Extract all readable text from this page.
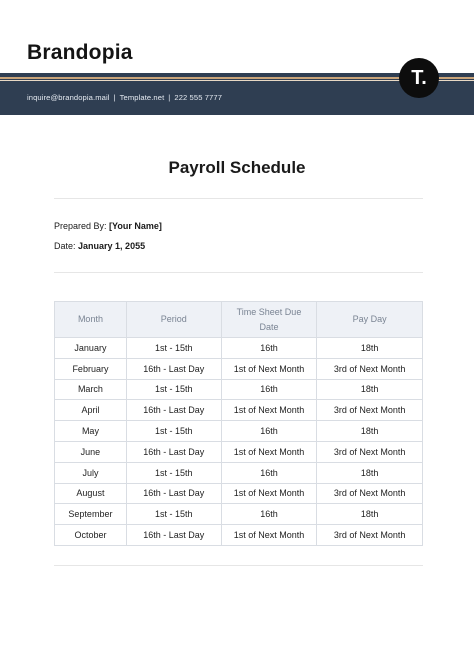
Brandopia
inquire@brandopia.mail | Template.net | 222 555 7777
T.
Payroll Schedule
Prepared By: [Your Name]
Date: January 1, 2055
Month	Period	Time Sheet Due Date	Pay Day
January	1st - 15th	16th	18th
February	16th - Last Day	1st of Next Month	3rd of Next Month
March	1st - 15th	16th	18th
April	16th - Last Day	1st of Next Month	3rd of Next Month
May	1st - 15th	16th	18th
June	16th - Last Day	1st of Next Month	3rd of Next Month
July	1st - 15th	16th	18th
August	16th - Last Day	1st of Next Month	3rd of Next Month
September	1st - 15th	16th	18th
October	16th - Last Day	1st of Next Month	3rd of Next Month
